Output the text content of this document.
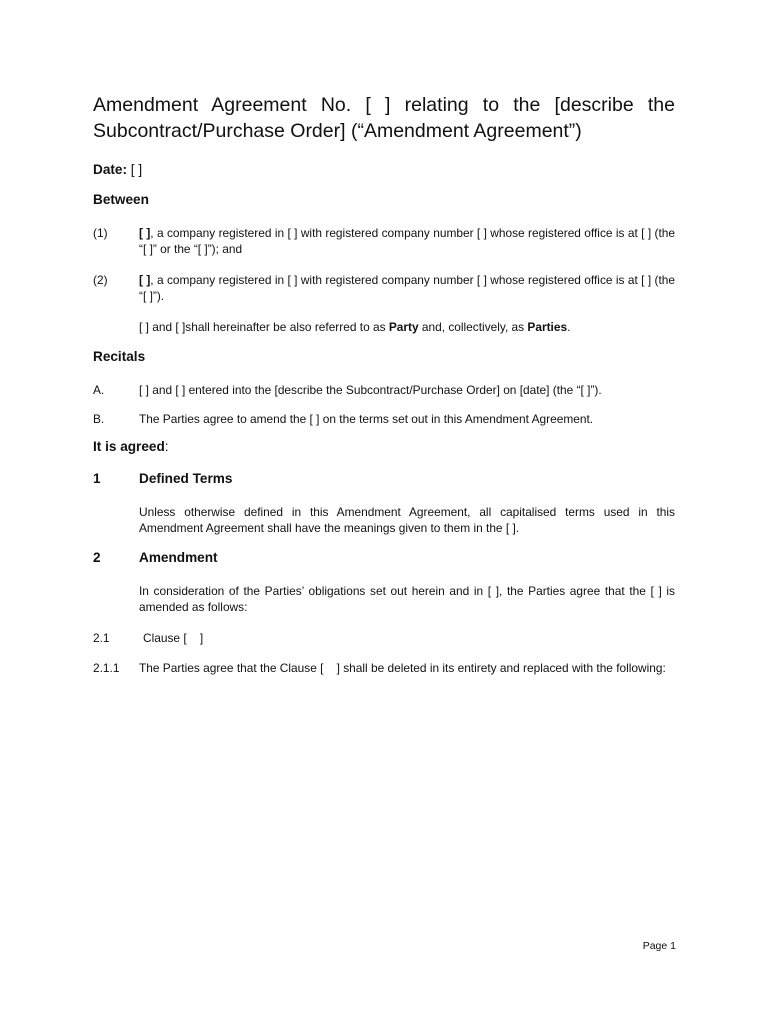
Amendment Agreement No. [ ] relating to the [describe the Subcontract/Purchase Order] (“Amendment Agreement”)
Date: [ ]
Between
(1)	[ ], a company registered in [ ] with registered company number [ ] whose registered office is at [ ] (the “[ ]” or the “[ ]”); and
(2)	[ ], a company registered in [ ] with registered company number [ ] whose registered office is at [ ] (the “[ ]”).
[ ] and [ ]shall hereinafter be also referred to as Party and, collectively, as Parties.
Recitals
A.	[ ] and [ ] entered into the [describe the Subcontract/Purchase Order] on [date] (the “[ ]”).
B.	The Parties agree to amend the [ ] on the terms set out in this Amendment Agreement.
It is agreed:
1	Defined Terms
Unless otherwise defined in this Amendment Agreement, all capitalised terms used in this Amendment Agreement shall have the meanings given to them in the [ ].
2	Amendment
In consideration of the Parties’ obligations set out herein and in [ ], the Parties agree that the [ ] is amended as follows:
2.1	Clause [    ]
2.1.1 The Parties agree that the Clause [    ] shall be deleted in its entirety and replaced with the following:
Page 1
